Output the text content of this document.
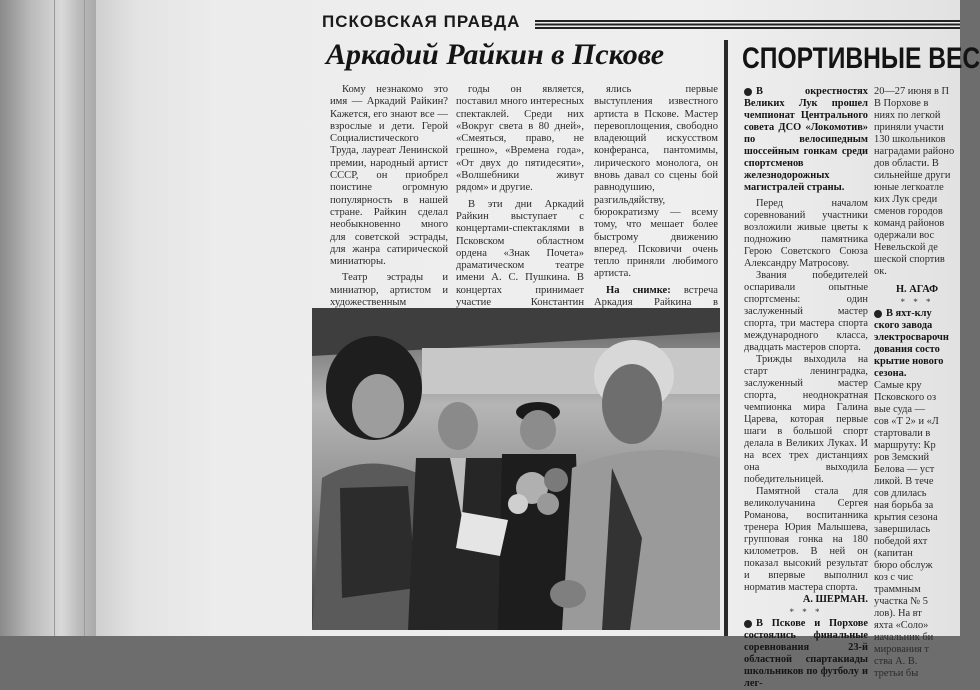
ПСКОВСКАЯ ПРАВДА
Аркадий Райкин в Пскове	СПОРТИВНЫЕ ВЕС

Кому незнакомо это имя — Аркадий Райкин? Кажется, его знают все — взрослые и дети. Герой Социалистического Труда, лауреат Ленинской премии, народный артист СССР, он приобрел поистине огромную популярность в нашей стране. Райкин сделал необыкновенно много для советской эстрады, для жанра сатирической миниатюры.

Театр эстрады и миниатюр, артистом и художественным

годы он является, поставил много интересных спектаклей. Среди них «Вокруг света в 80 дней», «Смеяться, право, не грешно», «Времена года», «От двух до пятидесяти», «Волшебники живут рядом» и другие.

В эти дни Аркадий Райкин выступает с концертами-спектаклями в Псковском областном ордена «Знак Почета» драматическом театре имени А. С. Пушкина. В концертах принимает участие Константин

ялись первые выступления известного артиста в Пскове. Мастер перевоплощения, свободно владеющий искусством конферанса, пантомимы, лирического монолога, он вновь давал со сцены бой равнодушию, разгильдяйству, бюрократизму — всему тому, что мешает более быстрому движению вперед. Псковичи очень тепло приняли любимого артиста.

На снимке: встреча Аркадия Райкина в

В окрестностях Великих Лук прошел чемпионат Центрального совета ДСО «Локомотив» по велосипедным шоссейным гонкам среди спортсменов железнодорожных магистралей страны.

Перед началом соревнований участники возложили живые цветы к подножию памятника Герою Советского Союза Александру Матросову.

Звания победителей оспаривали опытные спортсмены: один заслуженный мастер спорта, три мастера спорта международного класса, двадцать мастеров спорта.

Трижды выходила на старт ленинградка, заслуженный мастер спорта, неоднократная чемпионка мира Галина Царева, которая первые шаги в большой спорт делала в Великих Луках. И на всех трех дистанциях она выходила победительницей.

Памятной стала для великолучанина Сергея Романова, воспитанника тренера Юрия Малышева, групповая гонка на 180 километров. В ней он показал высокий результат и впервые выполнил норматив мастера спорта.

А. ШЕРМАН.

* * *

В Пскове и Порхове состоялись финальные соревнования 23-й областной спартакиады школьников по футболу и лег-

20—27 июня в П
В Порхове в
ниях по легкой
приняли участи
130 школьников
наградами районо
дов области. В
сильнейше други
юные легкоатле
ких Лук среди
сменов городов
команд районов
одержали вос
Невельской де
шеской спортив
ок.
Н. АГАФ
* * *
В яхт-клу
ского завода
электросварочн
дования состо
крытие нового
сезона.
Самые кру
Псковского оз
вые суда —
сов «Т 2» и «Л
стартовали в
маршруту: Кр
ров Земский
Белова — уст
ликой. В тече
сов длилась
ная борьба за
крытия сезона
завершилась
победой яхт
(капитан
бюро обслуж
коз с чис
траммным
участка № 5
лов). На вт
яхта «Соло»
начальник би
мирования т
ства А. В.
третьи бы
